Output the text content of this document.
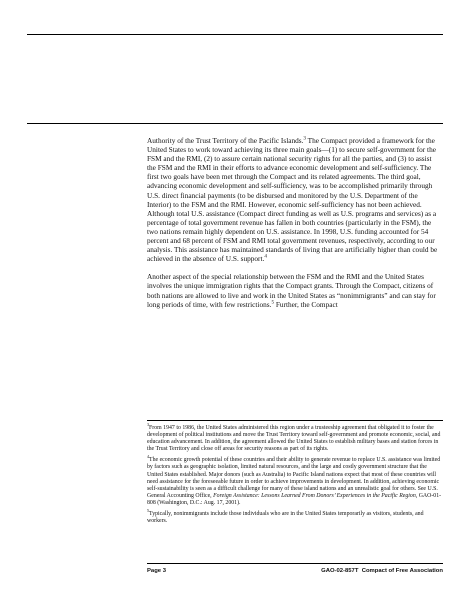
Authority of the Trust Territory of the Pacific Islands.$^3$ The Compact provided a framework for the United States to work toward achieving its three main goals—(1) to secure self-government for the FSM and the RMI, (2) to assure certain national security rights for all the parties, and (3) to assist the FSM and the RMI in their efforts to advance economic development and self-sufficiency. The first two goals have been met through the Compact and its related agreements. The third goal, advancing economic development and self-sufficiency, was to be accomplished primarily through U.S. direct financial payments (to be disbursed and monitored by the U.S. Department of the Interior) to the FSM and the RMI. However, economic self-sufficiency has not been achieved. Although total U.S. assistance (Compact direct funding as well as U.S. programs and services) as a percentage of total government revenue has fallen in both countries (particularly in the FSM), the two nations remain highly dependent on U.S. assistance. In 1998, U.S. funding accounted for 54 percent and 68 percent of FSM and RMI total government revenues, respectively, according to our analysis. This assistance has maintained standards of living that are artificially higher than could be achieved in the absence of U.S. support.$^4$

Another aspect of the special relationship between the FSM and the RMI and the United States involves the unique immigration rights that the Compact grants. Through the Compact, citizens of both nations are allowed to live and work in the United States as “nonimmigrants” and can stay for long periods of time, with few restrictions.$^5$ Further, the Compact

$^3$From 1947 to 1986, the United States administered this region under a trusteeship agreement that obligated it to foster the development of political institutions and move the Trust Territory toward self-government and promote economic, social, and education advancement. In addition, the agreement allowed the United States to establish military bases and station forces in the Trust Territory and close off areas for security reasons as part of its rights.

$^4$The economic growth potential of these countries and their ability to generate revenue to replace U.S. assistance was limited by factors such as geographic isolation, limited natural resources, and the large and costly government structure that the United States established. Major donors (such as Australia) to Pacific Island nations expect that most of these countries will need assistance for the foreseeable future in order to achieve improvements in development. In addition, achieving economic self-sustainability is seen as a difficult challenge for many of these island nations and an unrealistic goal for others. See U.S. General Accounting Office, Foreign Assistance: Lessons Learned From Donors’ Experiences in the Pacific Region, GAO-01-808 (Washington, D.C.: Aug. 17, 2001).

$^5$Typically, nonimmigrants include those individuals who are in the United States temporarily as visitors, students, and workers.

Page 3	GAO-02-857T  Compact of Free Association
